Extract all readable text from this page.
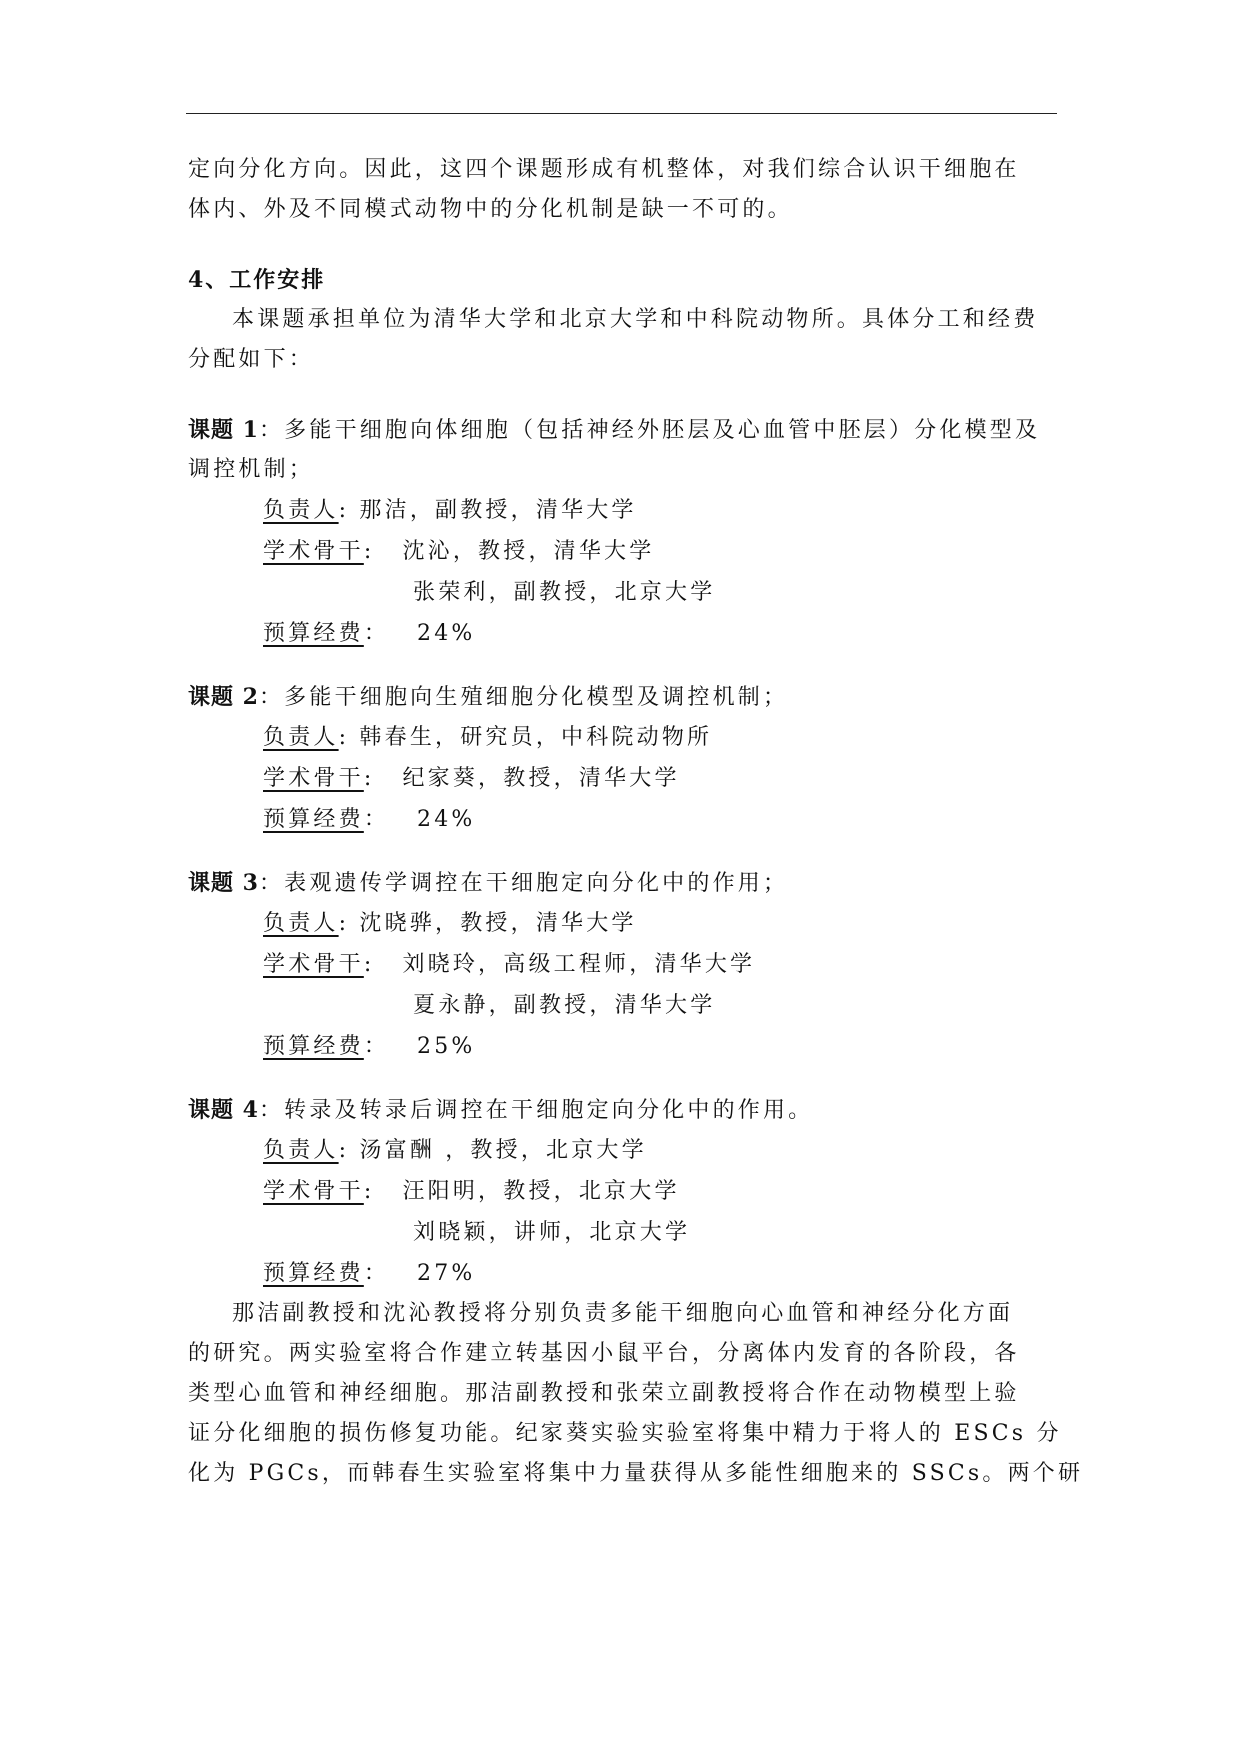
定向分化方向。因此，这四个课题形成有机整体，对我们综合认识干细胞在
体内、外及不同模式动物中的分化机制是缺一不可的。
4、工作安排
本课题承担单位为清华大学和北京大学和中科院动物所。具体分工和经费
分配如下：
课题 1：多能干细胞向体细胞（包括神经外胚层及心血管中胚层）分化模型及
调控机制；
负责人: 那洁，副教授，清华大学
学术骨干: 沈沁，教授，清华大学
张荣利，副教授，北京大学
预算经费： 24%
课题 2：多能干细胞向生殖细胞分化模型及调控机制；
负责人: 韩春生，研究员，中科院动物所
学术骨干: 纪家葵，教授，清华大学
预算经费： 24%
课题 3：表观遗传学调控在干细胞定向分化中的作用；
负责人: 沈晓骅，教授，清华大学
学术骨干: 刘晓玲，高级工程师，清华大学
夏永静，副教授，清华大学
预算经费： 25%
课题 4：转录及转录后调控在干细胞定向分化中的作用。
负责人: 汤富酬 ，教授，北京大学
学术骨干: 汪阳明，教授，北京大学
刘晓颖，讲师，北京大学
预算经费： 27%
那洁副教授和沈沁教授将分别负责多能干细胞向心血管和神经分化方面
的研究。两实验室将合作建立转基因小鼠平台，分离体内发育的各阶段，各
类型心血管和神经细胞。那洁副教授和张荣立副教授将合作在动物模型上验
证分化细胞的损伤修复功能。纪家葵实验实验室将集中精力于将人的 ESCs 分
化为 PGCs，而韩春生实验室将集中力量获得从多能性细胞来的 SSCs。两个研
